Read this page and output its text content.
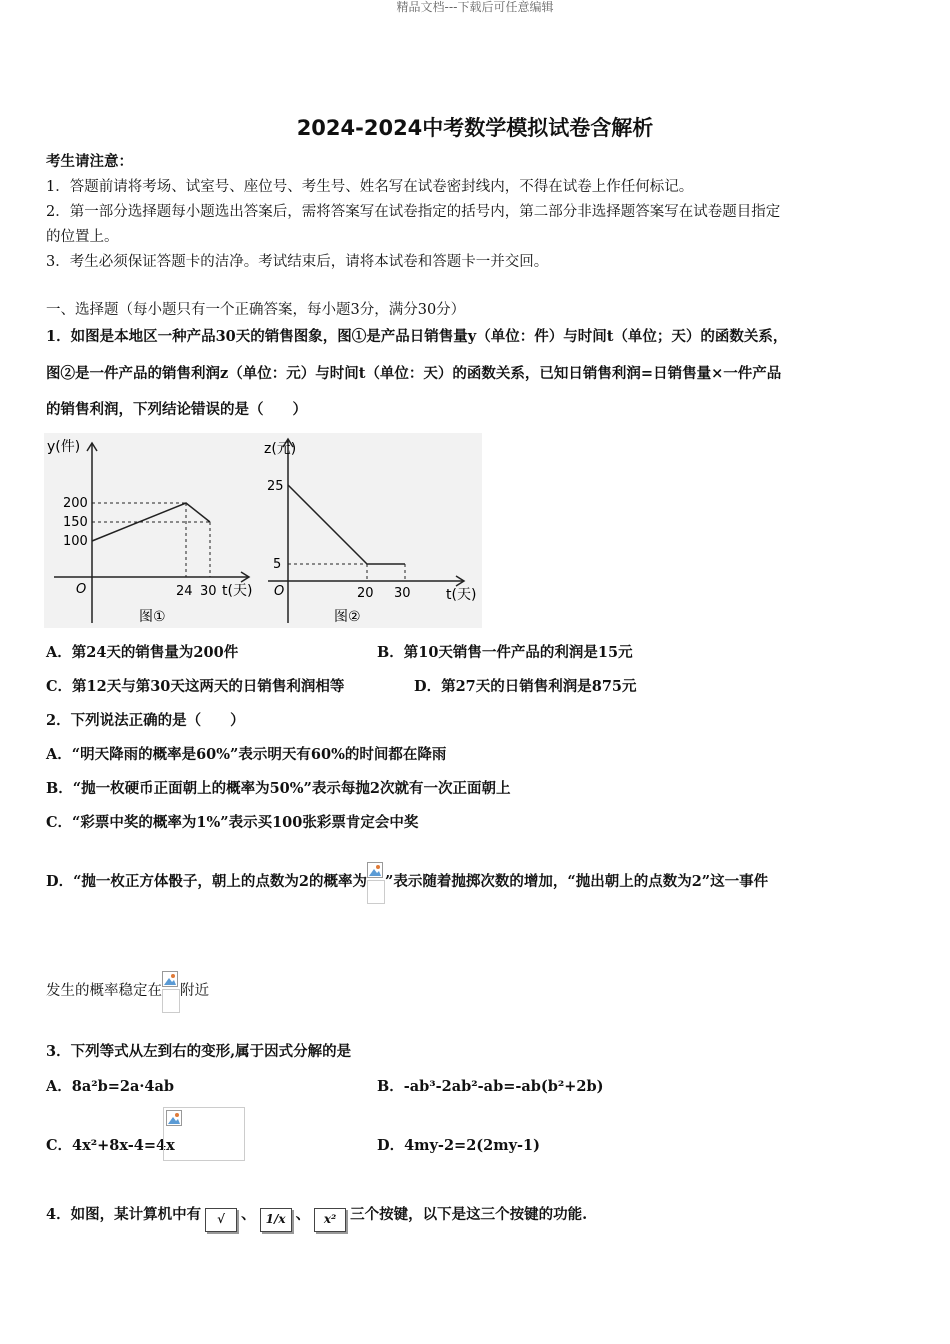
精品文档---下载后可任意编辑
2024-2024中考数学模拟试卷含解析
考生请注意：
1．答题前请将考场、试室号、座位号、考生号、姓名写在试卷密封线内，不得在试卷上作任何标记。
2．第一部分选择题每小题选出答案后，需将答案写在试卷指定的括号内，第二部分非选择题答案写在试卷题目指定
的位置上。
3．考生必须保证答题卡的洁净。考试结束后，请将本试卷和答题卡一并交回。
一、选择题（每小题只有一个正确答案，每小题3分，满分30分）
1．如图是本地区一种产品30天的销售图象，图①是产品日销售量y（单位：件）与时间t（单位；天）的函数关系，
图②是一件产品的销售利润z（单位：元）与时间t（单位：天）的函数关系，已知日销售利润=日销售量×一件产品
的销售利润，下列结论错误的是（　　）
y(件)
200
150
100
O	24 30 t(天)
图①
z(元)
25
5
O	20 30	t(天)
图②
A．第24天的销售量为200件	B．第10天销售一件产品的利润是15元
C．第12天与第30天这两天的日销售利润相等	D．第27天的日销售利润是875元
2．下列说法正确的是（　　）
A．“明天降雨的概率是60%”表示明天有60%的时间都在降雨
B．“抛一枚硬币正面朝上的概率为50%”表示每抛2次就有一次正面朝上
C．“彩票中奖的概率为1%”表示买100张彩票肯定会中奖
D．“抛一枚正方体骰子，朝上的点数为2的概率为 ”表示随着抛掷次数的增加，“抛出朝上的点数为2”这一事件
发生的概率稳定在 附近
3．下列等式从左到右的变形,属于因式分解的是
A．8a²b=2a·4ab	B．-ab³-2ab²-ab=-ab(b²+2b)
C．4x²+8x-4=4x	D．4my-2=2(2my-1)
4．如图，某计算机中有 √ 、 1/x 、 x² 三个按键，以下是这三个按键的功能.
